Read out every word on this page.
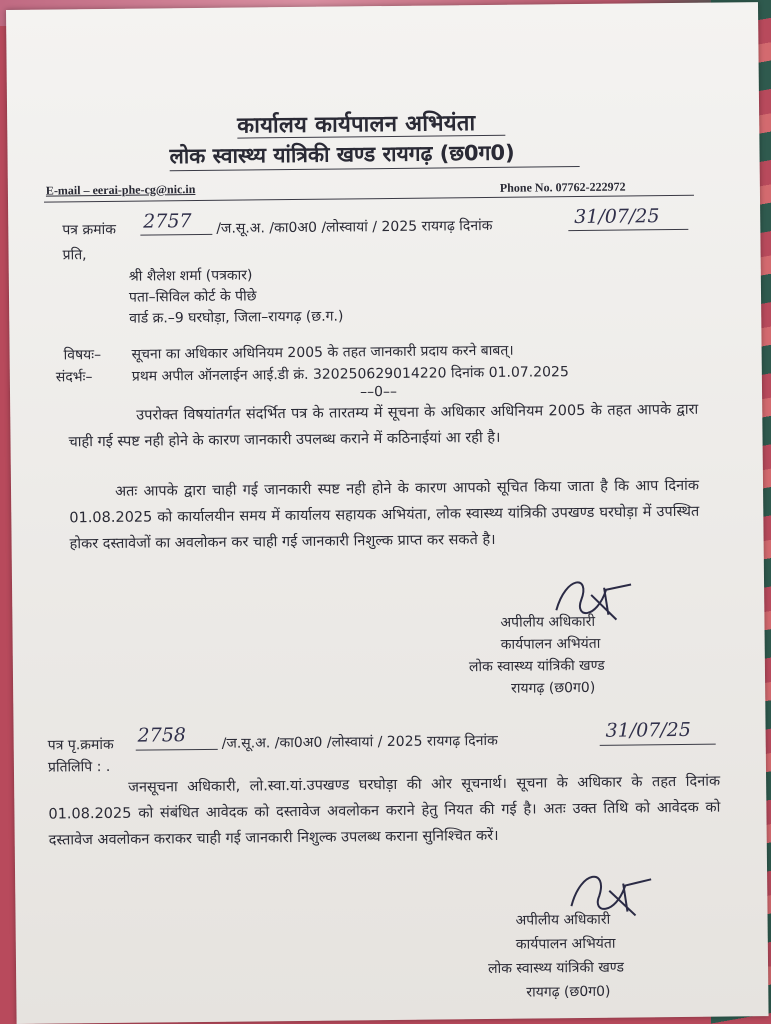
कार्यालय कार्यपालन अभियंता
लोक स्वास्थ्य यांत्रिकी खण्ड रायगढ़ (छ0ग0)
E-mail – eerai-phe-cg@nic.in	Phone No. 07762-222972
पत्र क्रमांक 2757 /ज.सू.अ. /का0अ0 /लोस्वायां / 2025 रायगढ़ दिनांक	31/07/25
प्रति,
श्री शैलेश शर्मा (पत्रकार)
पता–सिविल कोर्ट के पीछे
वार्ड क्र.–9 घरघोड़ा, जिला–रायगढ़ (छ.ग.)
विषयः– सूचना का अधिकार अधिनियम 2005 के तहत जानकारी प्रदाय करने बाबत्।
संदर्भः–	प्रथम अपील ऑनलाईन आई.डी क्रं. 320250629014220 दिनांक 01.07.2025
––0––
उपरोक्त विषयांतर्गत संदर्भित पत्र के तारतम्य में सूचना के अधिकार अधिनियम 2005 के तहत आपके द्वारा चाही गई स्पष्ट नही होने के कारण जानकारी उपलब्ध कराने में कठिनाईयां आ रही है।
अतः आपके द्वारा चाही गई जानकारी स्पष्ट नही होने के कारण आपको सूचित किया जाता है कि आप दिनांक 01.08.2025 को कार्यालयीन समय में कार्यालय सहायक अभियंता, लोक स्वास्थ्य यांत्रिकी उपखण्ड घरघोड़ा में उपस्थित होकर दस्तावेजों का अवलोकन कर चाही गई जानकारी निशुल्क प्राप्त कर सकते है।
अपीलीय अधिकारी
कार्यपालन अभियंता
लोक स्वास्थ्य यांत्रिकी खण्ड
रायगढ़ (छ0ग0)
पत्र पृ.क्रमांक 2758	/ज.सू.अ. /का0अ0 /लोस्वायां / 2025 रायगढ़ दिनांक
31/07/25
प्रतिलिपि : .
जनसूचना अधिकारी, लो.स्वा.यां.उपखण्ड घरघोड़ा की ओर सूचनार्थ। सूचना के अधिकार के तहत दिनांक 01.08.2025 को संबंधित आवेदक को दस्तावेज अवलोकन कराने हेतु नियत की गई है। अतः उक्त तिथि को आवेदक को दस्तावेज अवलोकन कराकर चाही गई जानकारी निशुल्क उपलब्ध कराना सुनिश्चित करें।
अपीलीय अधिकारी
कार्यपालन अभियंता
लोक स्वास्थ्य यांत्रिकी खण्ड
रायगढ़ (छ0ग0)
